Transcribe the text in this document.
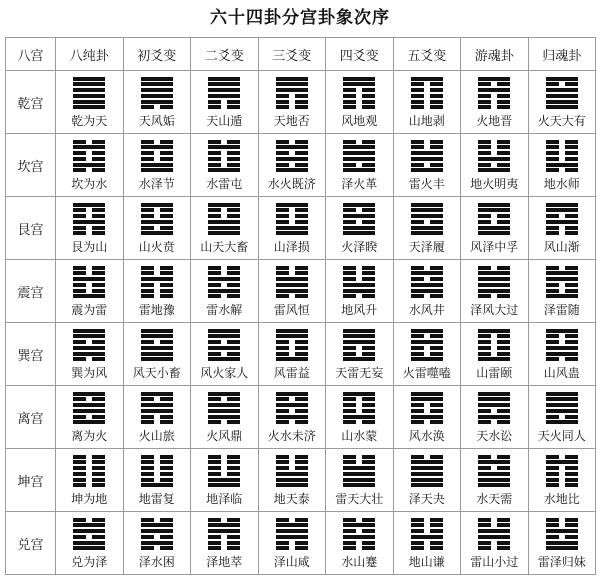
六十四卦分宫卦象次序
八宫	八纯卦	初爻变	二爻变	三爻变	四爻变	五爻变	游魂卦	归魂卦
乾宫	乾为天	天风姤	天山遁	天地否	风地观	山地剥	火地晋	火天大有

坎宫	坎为水	水泽节	水雷屯	水火既济	泽火革	雷火丰	地火明夷	地水师

艮宫	艮为山	山火贲	山天大畜	山泽损	火泽睽	天泽履	风泽中孚	风山渐

震宫	震为雷	雷地豫	雷水解	雷风恒	地风升	水风井	泽风大过	泽雷随

巽宫	巽为风	风天小畜	风火家人	风雷益	天雷无妄	火雷噬嗑	山雷颐	山风蛊

离宫	离为火	火山旅	火风鼎	火水未济	山水蒙	风水涣	天水讼	天火同人

坤宫	坤为地	地雷复	地泽临	地天泰	雷天大壮	泽天夬	水天需	水地比

兑宫	兑为泽	泽水困	泽地萃	泽山咸	水山蹇	地山谦	雷山小过	雷泽归妹
